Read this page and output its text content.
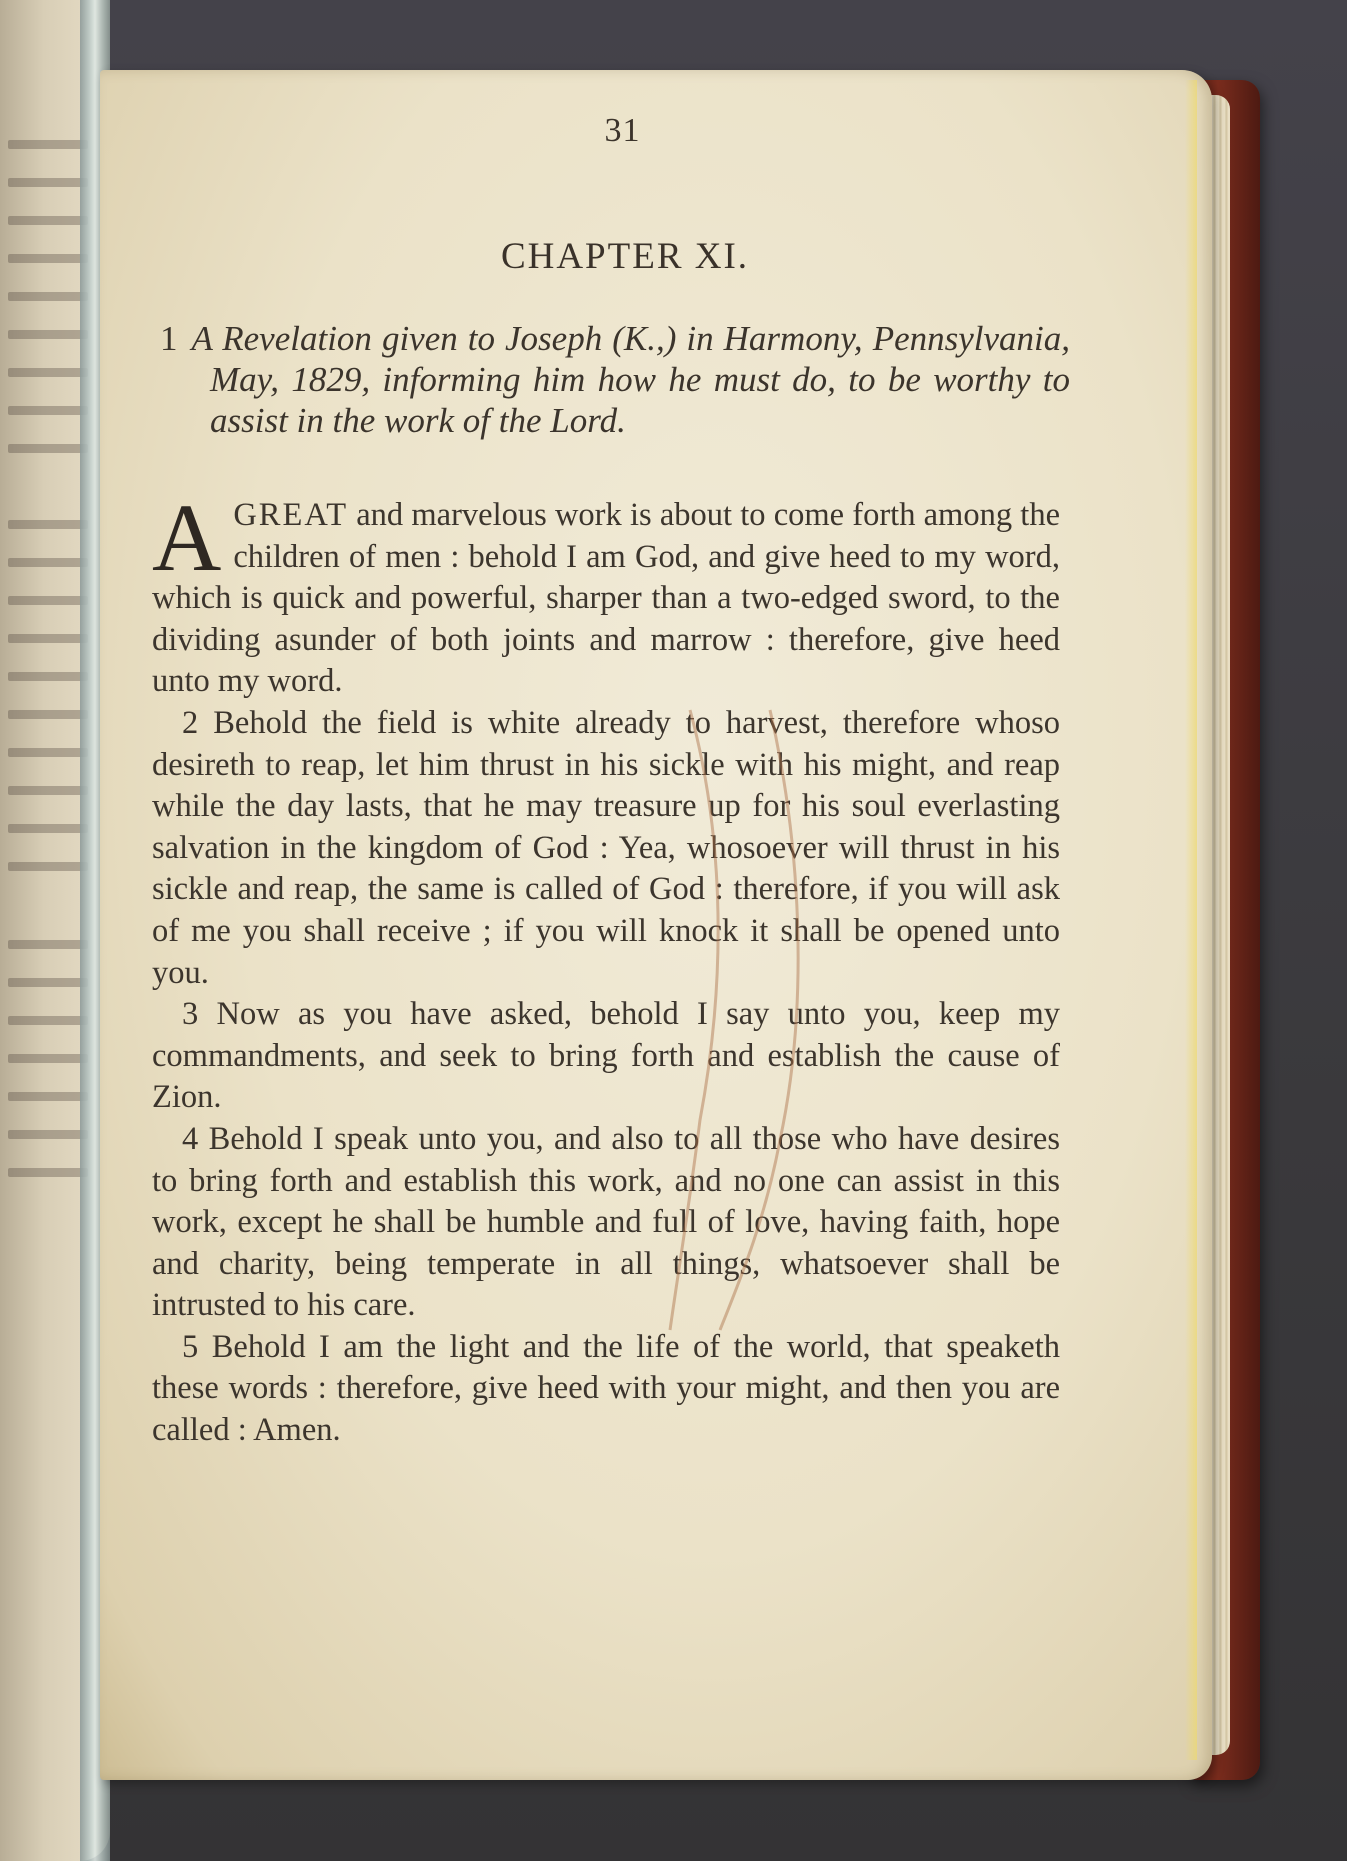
31
CHAPTER XI.
1 A Revelation given to Joseph (K.,) in Harmony, Pennsylvania, May, 1829, informing him how he must do, to be worthy to assist in the work of the Lord.

AGREAT and marvelous work is about to come forth among the children of men : behold I am God, and give heed to my word, which is quick and powerful, sharper than a two-edged sword, to the dividing asunder of both joints and marrow : therefore, give heed unto my word.

2 Behold the field is white already to harvest, therefore whoso desireth to reap, let him thrust in his sickle with his might, and reap while the day lasts, that he may treasure up for his soul everlasting salvation in the kingdom of God : Yea, whosoever will thrust in his sickle and reap, the same is called of God : therefore, if you will ask of me you shall receive ; if you will knock it shall be opened unto you.

3 Now as you have asked, behold I say unto you, keep my commandments, and seek to bring forth and establish the cause of Zion.

4 Behold I speak unto you, and also to all those who have desires to bring forth and establish this work, and no one can assist in this work, except he shall be humble and full of love, having faith, hope and charity, being temperate in all things, whatsoever shall be intrusted to his care.

5 Behold I am the light and the life of the world, that speaketh these words : therefore, give heed with your might, and then you are called : Amen.
